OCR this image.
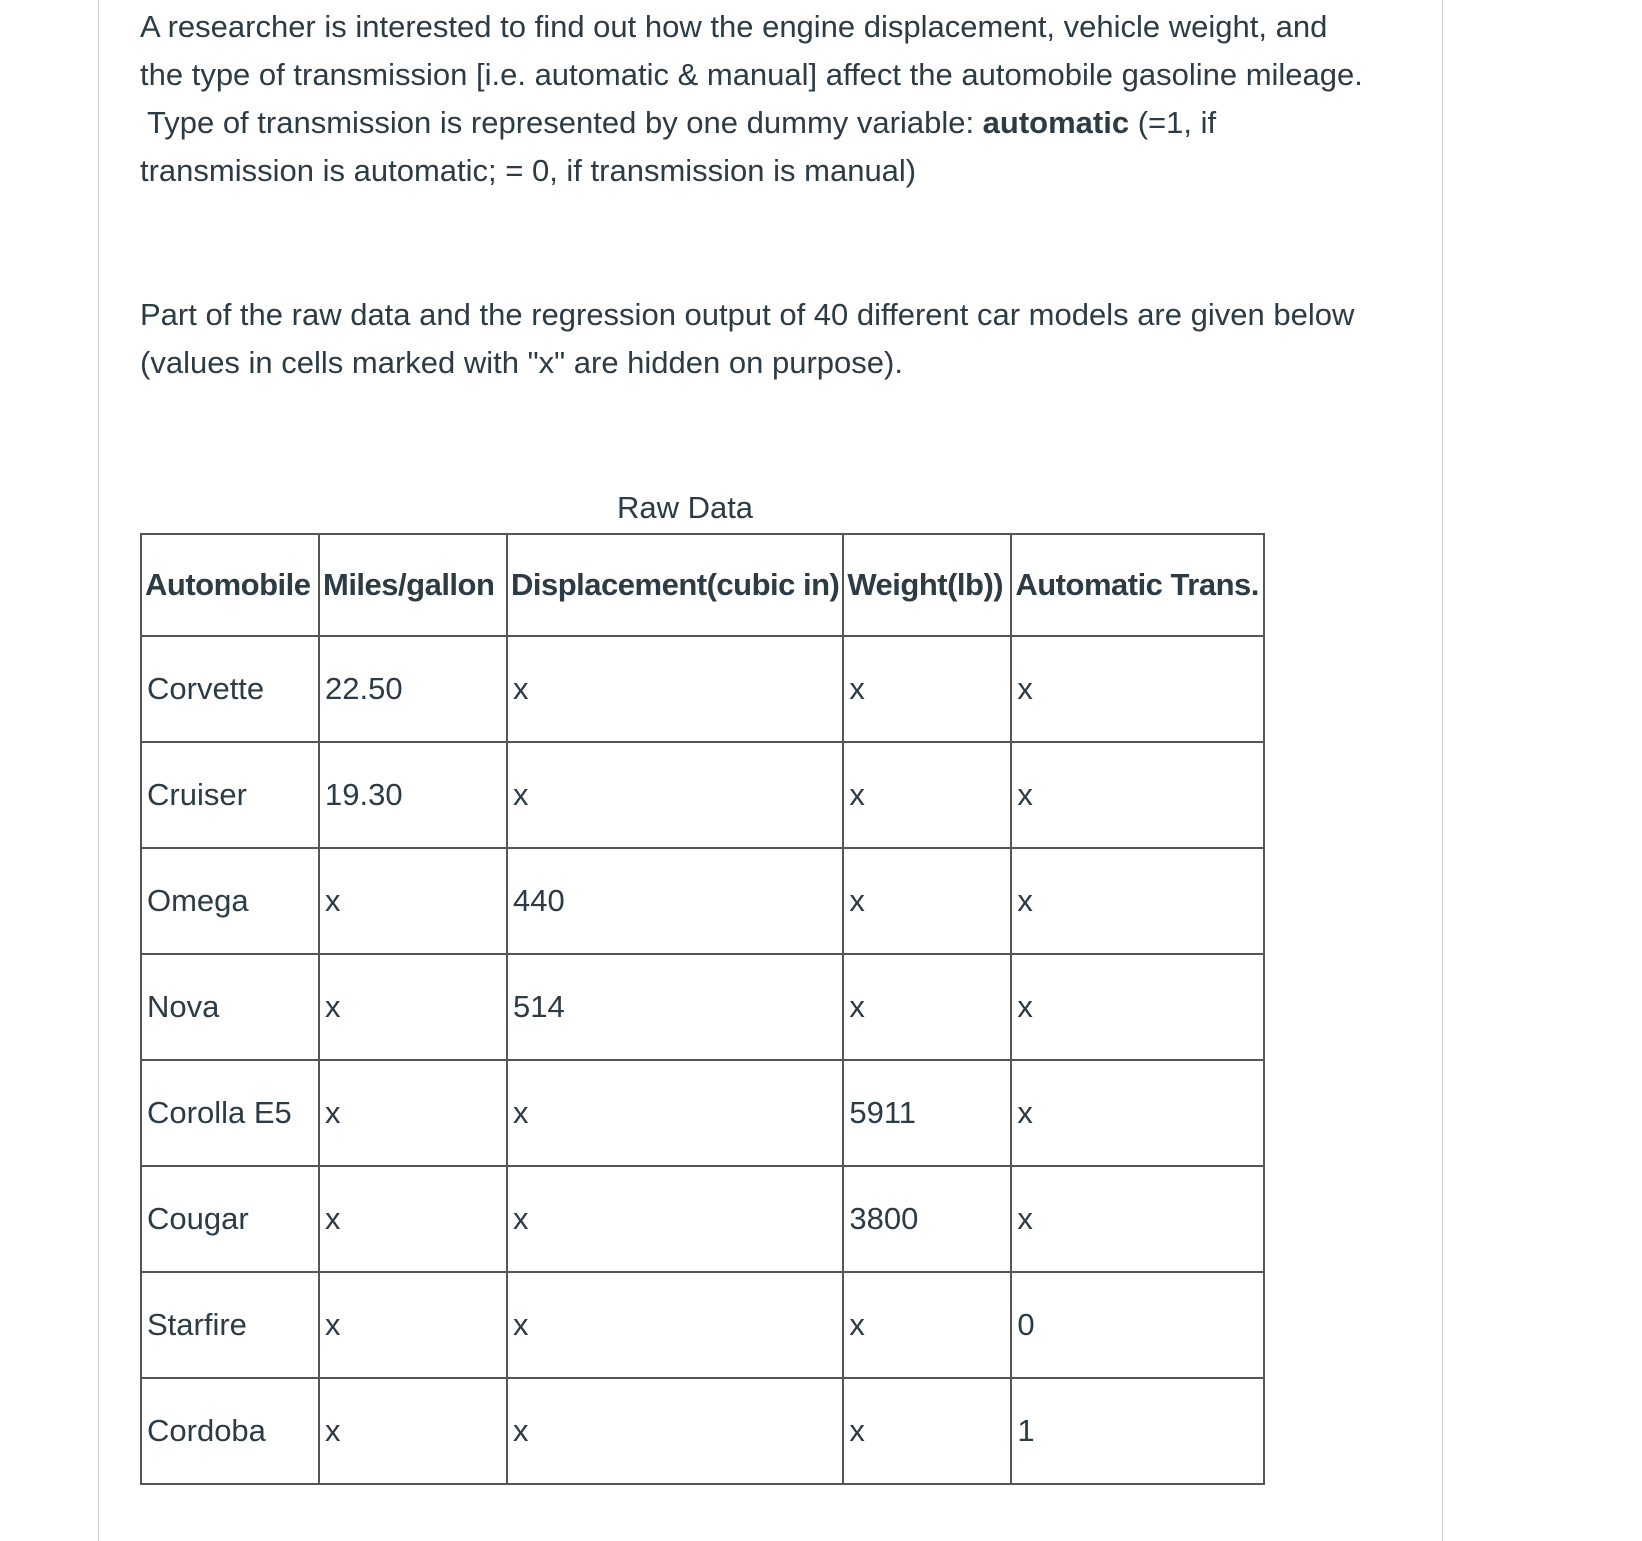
A researcher is interested to find out how the engine displacement, vehicle weight, and

the type of transmission [i.e. automatic & manual] affect the automobile gasoline mileage.

Type of transmission is represented by one dummy variable: automatic (=1, if

transmission is automatic; = 0, if transmission is manual)

Part of the raw data and the regression output of 40 different car models are given below

(values in cells marked with "x" are hidden on purpose).

Raw Data
Automobile	Miles/gallon	Displacement(cubic in)	Weight(lb))	Automatic Trans.
Corvette	22.50	x	x	x
Cruiser	19.30	x	x	x
Omega	x	440	x	x
Nova	x	514	x	x
Corolla E5	x	x	5911	x
Cougar	x	x	3800	x
Starfire	x	x	x	0
Cordoba	x	x	x	1
